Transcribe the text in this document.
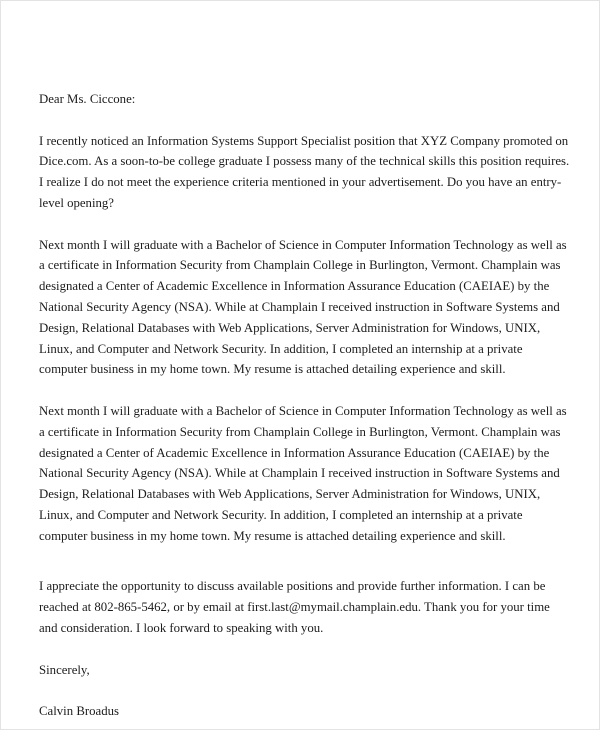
Dear Ms. Ciccone:

I recently noticed an Information Systems Support Specialist position that XYZ Company promoted on Dice.com. As a soon-to-be college graduate I possess many of the technical skills this position requires. I realize I do not meet the experience criteria mentioned in your advertisement. Do you have an entry-level opening?

Next month I will graduate with a Bachelor of Science in Computer Information Technology as well as a certificate in Information Security from Champlain College in Burlington, Vermont. Champlain was designated a Center of Academic Excellence in Information Assurance Education (CAEIAE) by the National Security Agency (NSA). While at Champlain I received instruction in Software Systems and Design, Relational Databases with Web Applications, Server Administration for Windows, UNIX, Linux, and Computer and Network Security. In addition, I completed an internship at a private computer business in my home town. My resume is attached detailing experience and skill.

Next month I will graduate with a Bachelor of Science in Computer Information Technology as well as a certificate in Information Security from Champlain College in Burlington, Vermont. Champlain was designated a Center of Academic Excellence in Information Assurance Education (CAEIAE) by the National Security Agency (NSA). While at Champlain I received instruction in Software Systems and Design, Relational Databases with Web Applications, Server Administration for Windows, UNIX, Linux, and Computer and Network Security. In addition, I completed an internship at a private computer business in my home town. My resume is attached detailing experience and skill.

I appreciate the opportunity to discuss available positions and provide further information. I can be reached at 802-865-5462, or by email at first.last@mymail.champlain.edu. Thank you for your time and consideration. I look forward to speaking with you.

Sincerely,

Calvin Broadus
